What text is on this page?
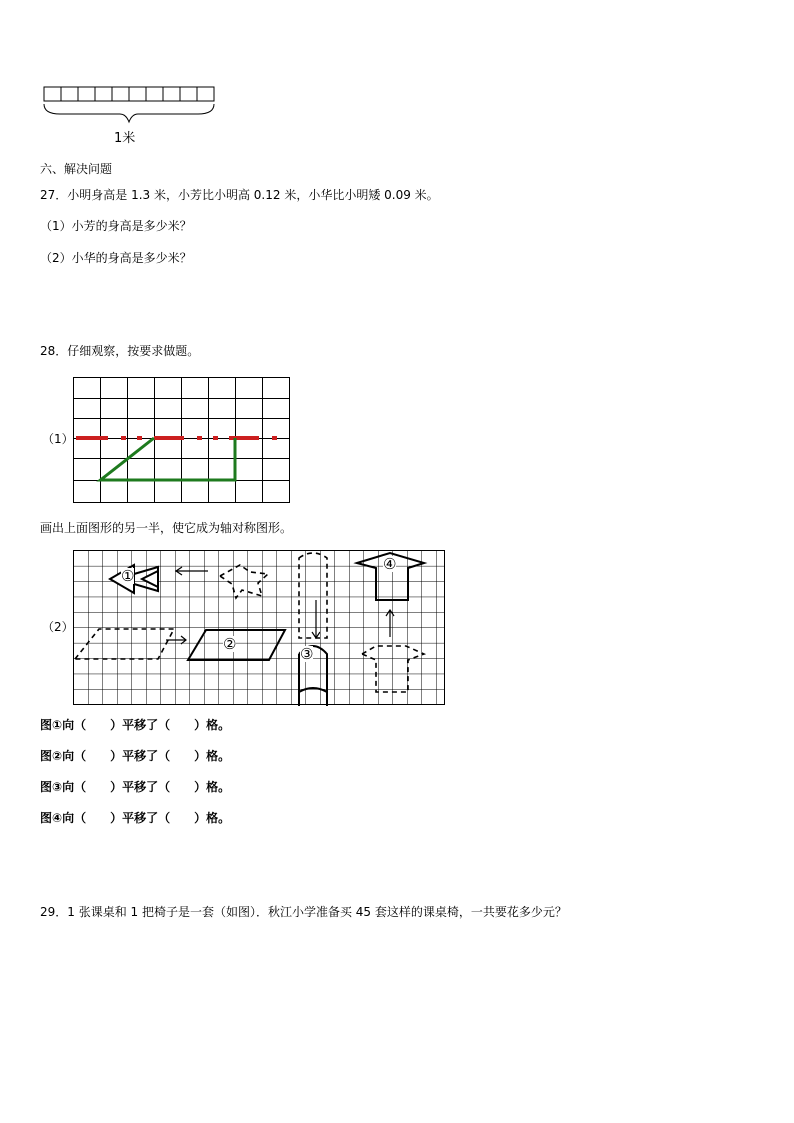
1米
六、解决问题
27．小明身高是 1.3 米，小芳比小明高 0.12 米，小华比小明矮 0.09 米。
（1）小芳的身高是多少米？
（2）小华的身高是多少米？
28．仔细观察，按要求做题。
（1）
画出上面图形的另一半，使它成为轴对称图形。
（2）
①
②
③
④
图①向（　　）平移了（　　）格。
图②向（　　）平移了（　　）格。
图③向（　　）平移了（　　）格。
图④向（　　）平移了（　　）格。
29．1 张课桌和 1 把椅子是一套（如图）．秋江小学准备买 45 套这样的课桌椅，一共要花多少元？
